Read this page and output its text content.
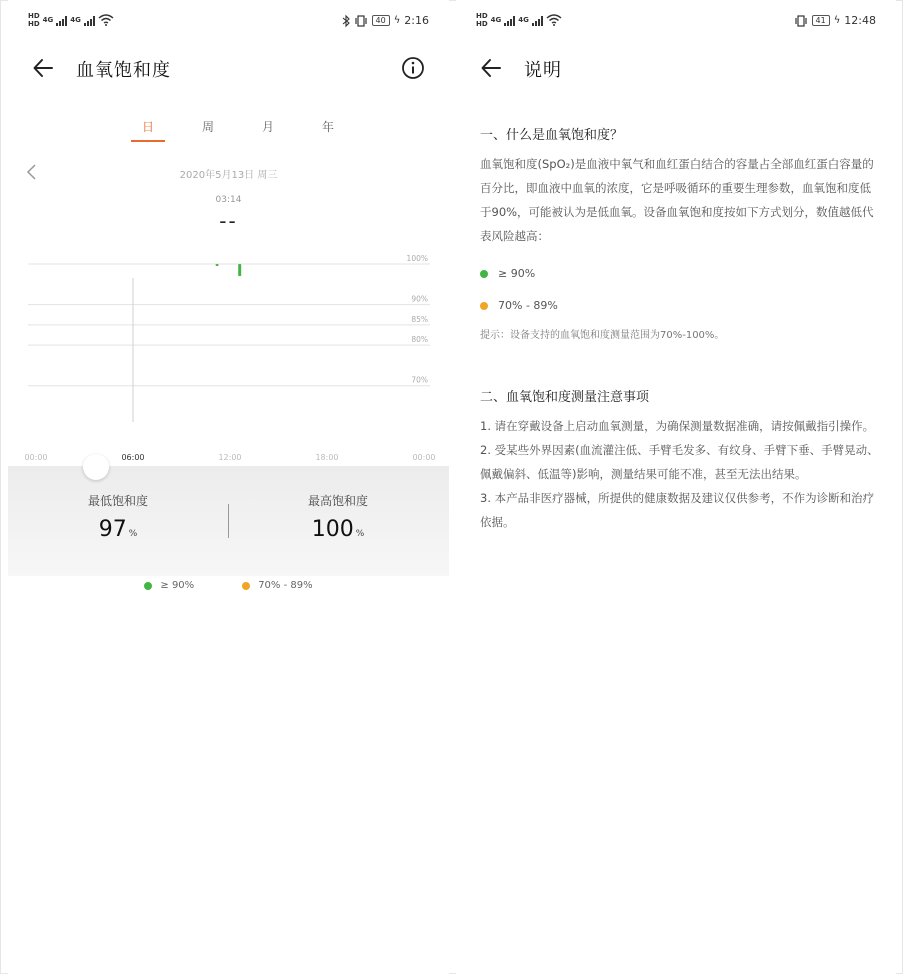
HD
HD 4G 4G	40 ϟ 2:16
血氧饱和度
日	周	月	年
2020年5月13日 周三
03:14
--
100%
90%
85%
80%
70%
00:00	06:00	12:00	18:00	00:00
最低饱和度
97 %
最高饱和度
100 %
≥ 90%	70% - 89%
HD
HD 4G 4G	41 ϟ 12:48
说明
一、什么是血氧饱和度？
血氧饱和度(SpO₂)是血液中氧气和血红蛋白结合的容量占全部血红蛋白容量的百分比，即血液中血氧的浓度，它是呼吸循环的重要生理参数，血氧饱和度低于90%，可能被认为是低血氧。设备血氧饱和度按如下方式划分，数值越低代表风险越高：
≥ 90%
70% - 89%
提示：设备支持的血氧饱和度测量范围为70%-100%。
二、血氧饱和度测量注意事项
1. 请在穿戴设备上启动血氧测量，为确保测量数据准确，请按佩戴指引操作。
2. 受某些外界因素(血流灌注低、手臂毛发多、有纹身、手臂下垂、手臂晃动、佩戴偏斜、低温等)影响，测量结果可能不准，甚至无法出结果。
3. 本产品非医疗器械，所提供的健康数据及建议仅供参考，不作为诊断和治疗依据。
